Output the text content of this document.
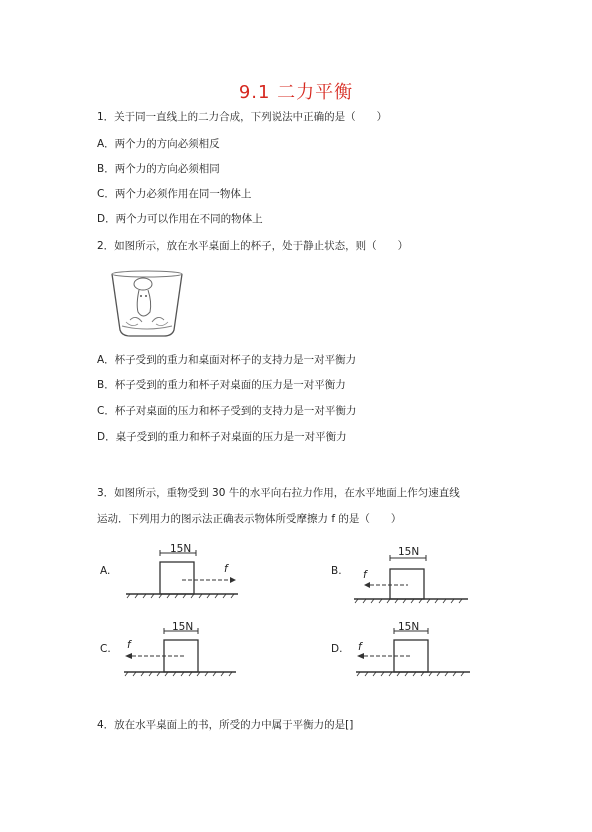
9.1 二力平衡
1．关于同一直线上的二力合成，下列说法中正确的是（　　）
A．两个力的方向必须相反
B．两个力的方向必须相同
C．两个力必须作用在同一物体上
D．两个力可以作用在不同的物体上
2．如图所示，放在水平桌面上的杯子，处于静止状态，则（　　）
A．杯子受到的重力和桌面对杯子的支持力是一对平衡力
B．杯子受到的重力和杯子对桌面的压力是一对平衡力
C．杯子对桌面的压力和杯子受到的支持力是一对平衡力
D．桌子受到的重力和杯子对桌面的压力是一对平衡力
3．如图所示，重物受到 30 牛的水平向右拉力作用，在水平地面上作匀速直线
运动．下列用力的图示法正确表示物体所受摩擦力 f 的是（　　）
A.
15N
f	B.
15N
f
C.
15N
f	D.
15N
f
4．放在水平桌面上的书，所受的力中属于平衡力的是[]
